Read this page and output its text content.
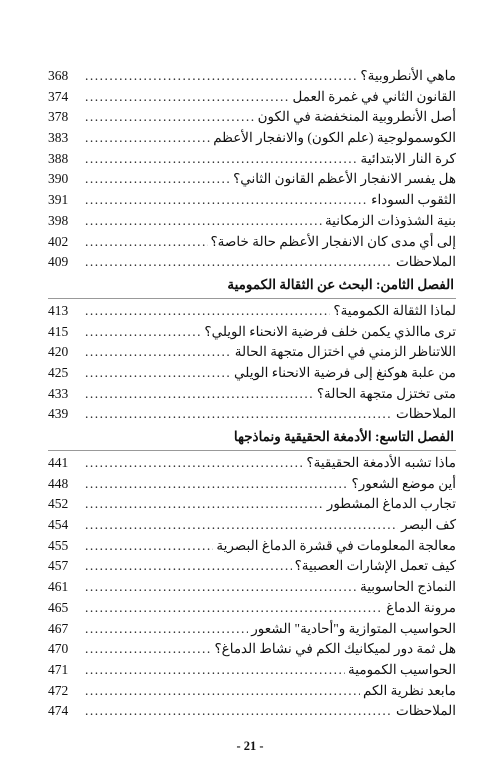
ماهي الأنطروبية؟
.....
368
القانون الثاني في غمرة العمل
.....
374
أصل الأنطروبية المنخفضة في الكون
.....
378
الكوسمولوجية (علم الكون) والانفجار الأعظم
.....
383
كرة النار الابتدائية
.....
388
هل يفسر الانفجار الأعظم القانون الثاني؟
.....
390
الثقوب السوداء
.....
391
بنية الشذوذات الزمكانية
.....
398
إلى أي مدى كان الانفجار الأعظم حالة خاصة؟
.....
402
الملاحظات
.....
409
الفصل الثامن: البحث عن الثقالة الكمومية
لماذا الثقالة الكمومية؟
.....
413
ترى ماالذي يكمن خلف فرضية الانحناء الويلي؟
.....
415
اللاتناظر الزمني في اختزال متجهة الحالة
.....
420
من علبة هوكنغ إلى فرضية الانحناء الويلي
.....
425
متى تختزل متجهة الحالة؟
.....
433
الملاحظات
.....
439
الفصل التاسع: الأدمغة الحقيقية ونماذجها
ماذا تشبه الأدمغة الحقيقية؟
.....
441
أين موضع الشعور؟
.....
448
تجارب الدماغ المشطور
.....
452
كف البصر
.....
454
معالجة المعلومات في قشرة الدماغ البصرية
.....
455
كيف تعمل الإشارات العصبية؟
.....
457
النماذج الحاسوبية
.....
461
مرونة الدماغ
.....
465
الحواسيب المتوازية و"أحادية" الشعور
.....
467
هل ثمة دور لميكانيك الكم في نشاط الدماغ؟
.....
470
الحواسيب الكمومية
.....
471
مابعد نظرية الكم
.....
472
الملاحظات
.....
474
- 21 -
